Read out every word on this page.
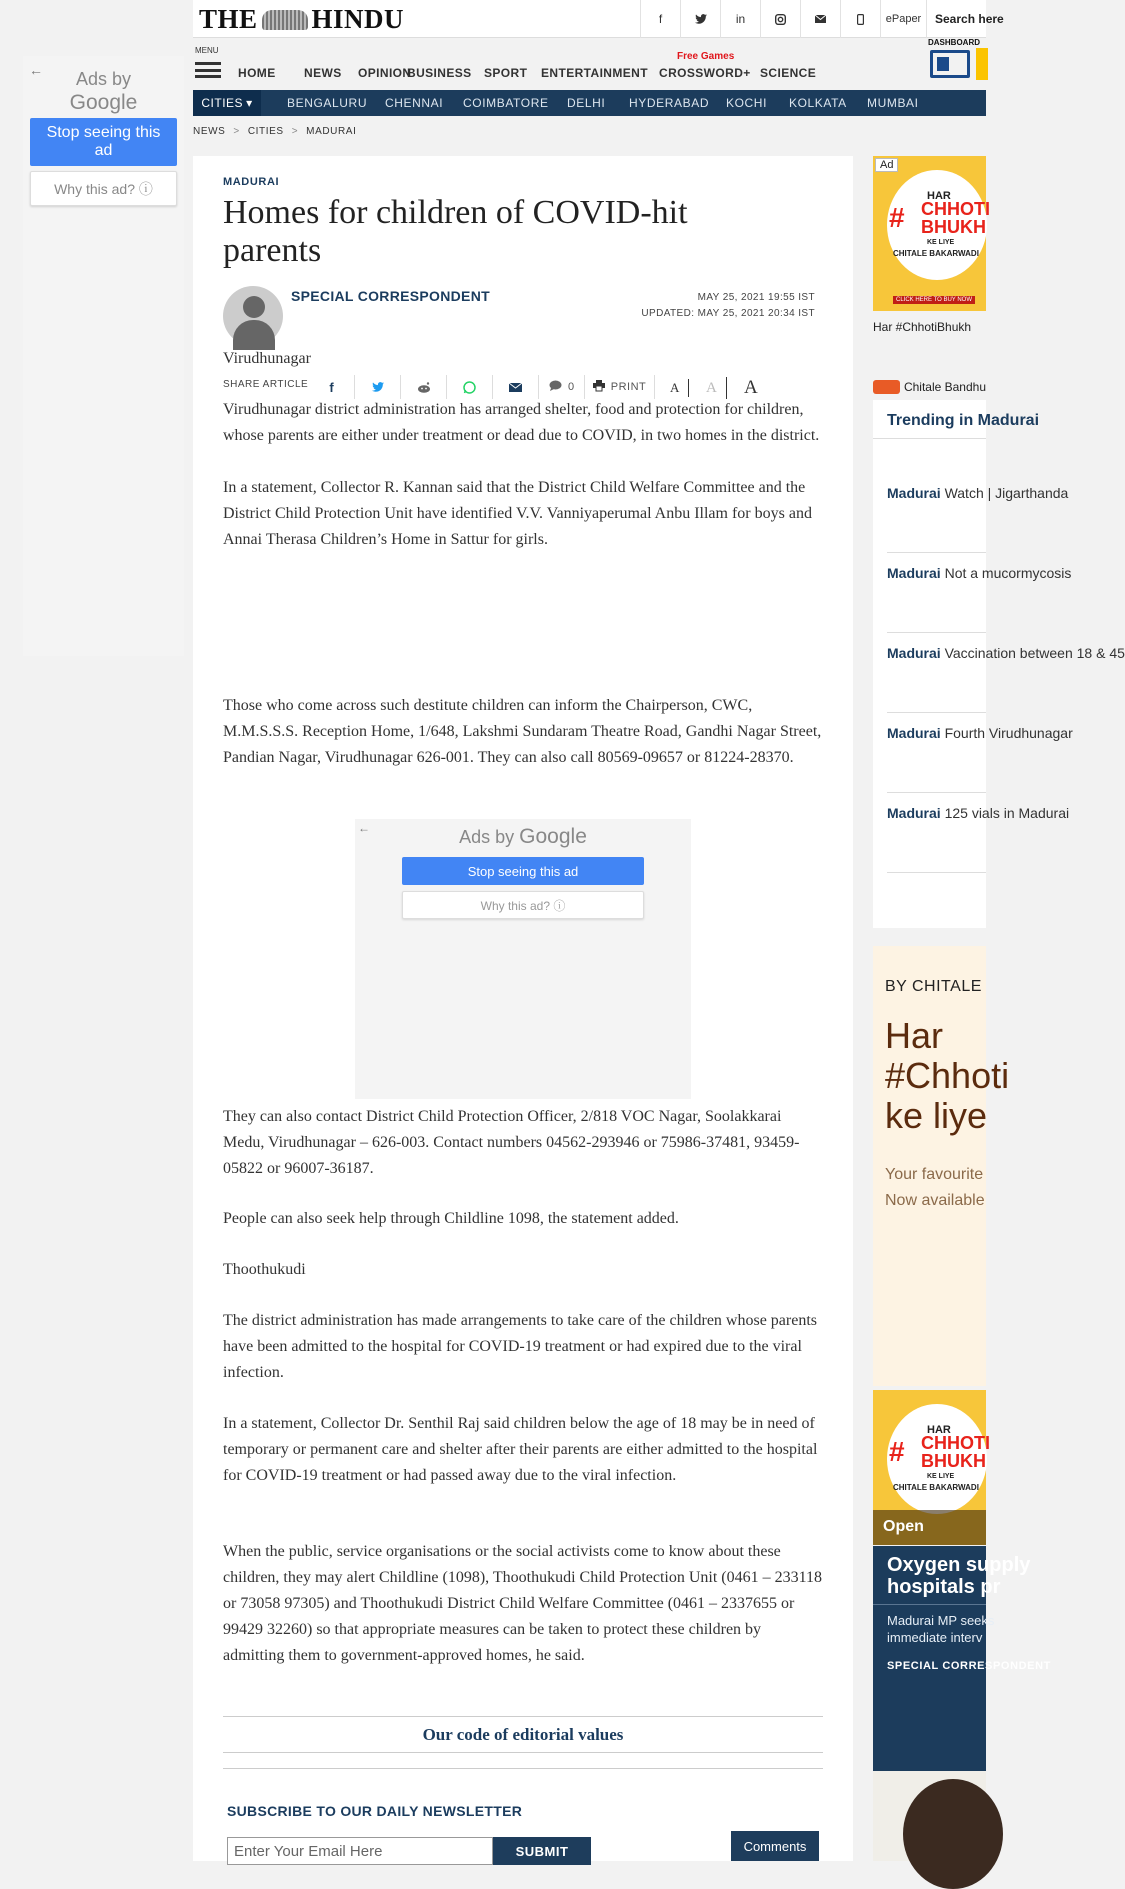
THE HINDU	f	in	ePaper	Search here
MENU
HOME NEWS OPINION
BUSINESS SPORT ENTERTAINMENT
Free Games
CROSSWORD+ SCIENCE
DASHBOARD
CITIES ▾	BENGALURU CHENNAI COIMBATORE DELHI HYDERABAD KOCHI KOLKATA MUMBAI
NEWS > CITIES > MADURAI
←	Ads by
Google
Stop seeing this ad
Why this ad? ⓘ	MADURAI
Homes for children of COVID-hit parents
SPECIAL CORRESPONDENT	MAY 25, 2021 19:55 IST
UPDATED: MAY 25, 2021 20:34 IST
SHARE ARTICLE	f	0	PRINT A A A

Virudhunagar

Virudhunagar district administration has arranged shelter, food and protection for children, whose parents are either under treatment or dead due to COVID, in two homes in the district.

In a statement, Collector R. Kannan said that the District Child Welfare Committee and the District Child Protection Unit have identified V.V. Vanniyaperumal Anbu Illam for boys and Annai Therasa Children’s Home in Sattur for girls.

Those who come across such destitute children can inform the Chairperson, CWC, M.M.S.S.S. Reception Home, 1/648, Lakshmi Sundaram Theatre Road, Gandhi Nagar Street, Pandian Nagar, Virudhunagar 626-001. They can also call 80569-09657 or 81224-28370.

←	Ads by Google
Stop seeing this ad
Why this ad? ⓘ

They can also contact District Child Protection Officer, 2/818 VOC Nagar, Soolakkarai Medu, Virudhunagar – 626-003. Contact numbers 04562-293946 or 75986-37481, 93459-05822 or 96007-36187.

People can also seek help through Childline 1098, the statement added.

Thoothukudi

The district administration has made arrangements to take care of the children whose parents have been admitted to the hospital for COVID-19 treatment or had expired due to the viral infection.

In a statement, Collector Dr. Senthil Raj said children below the age of 18 may be in need of temporary or permanent care and shelter after their parents are either admitted to the hospital for COVID-19 treatment or had passed away due to the viral infection.

When the public, service organisations or the social activists come to know about these children, they may alert Childline (1098), Thoothukudi Child Protection Unit (0461 – 233118 or 73058 97305) and Thoothukudi District Child Welfare Committee (0461 – 2337655 or 99429 32260) so that appropriate measures can be taken to protect these children by admitting them to government-approved homes, he said.

Our code of editorial values
SUBSCRIBE TO OUR DAILY NEWSLETTER
Enter Your Email Here	SUBMIT	Comments
Ad
HAR
# CHHOTI
BHUKH
KE LIYE
CHITALE BAKARWADI
CLICK HERE TO BUY NOW
Har #ChhotiBhukh
Chitale Bandhu
Trending in Madurai
Madurai Watch | Jigarthanda
Madurai Not a mucormycosis
Madurai Vaccination between 18 & 45
Madurai Fourth Virudhunagar
Madurai 125 vials in Madurai
BY CHITALE
Har
#Chhoti
ke liye
Your favourite
Now available
HAR
# CHHOTI
BHUKH
KE LIYE
CHITALE BAKARWADI
Open
Oxygen supply
hospitals pr
Madurai MP seeks
immediate interv
SPECIAL CORRESPONDENT
